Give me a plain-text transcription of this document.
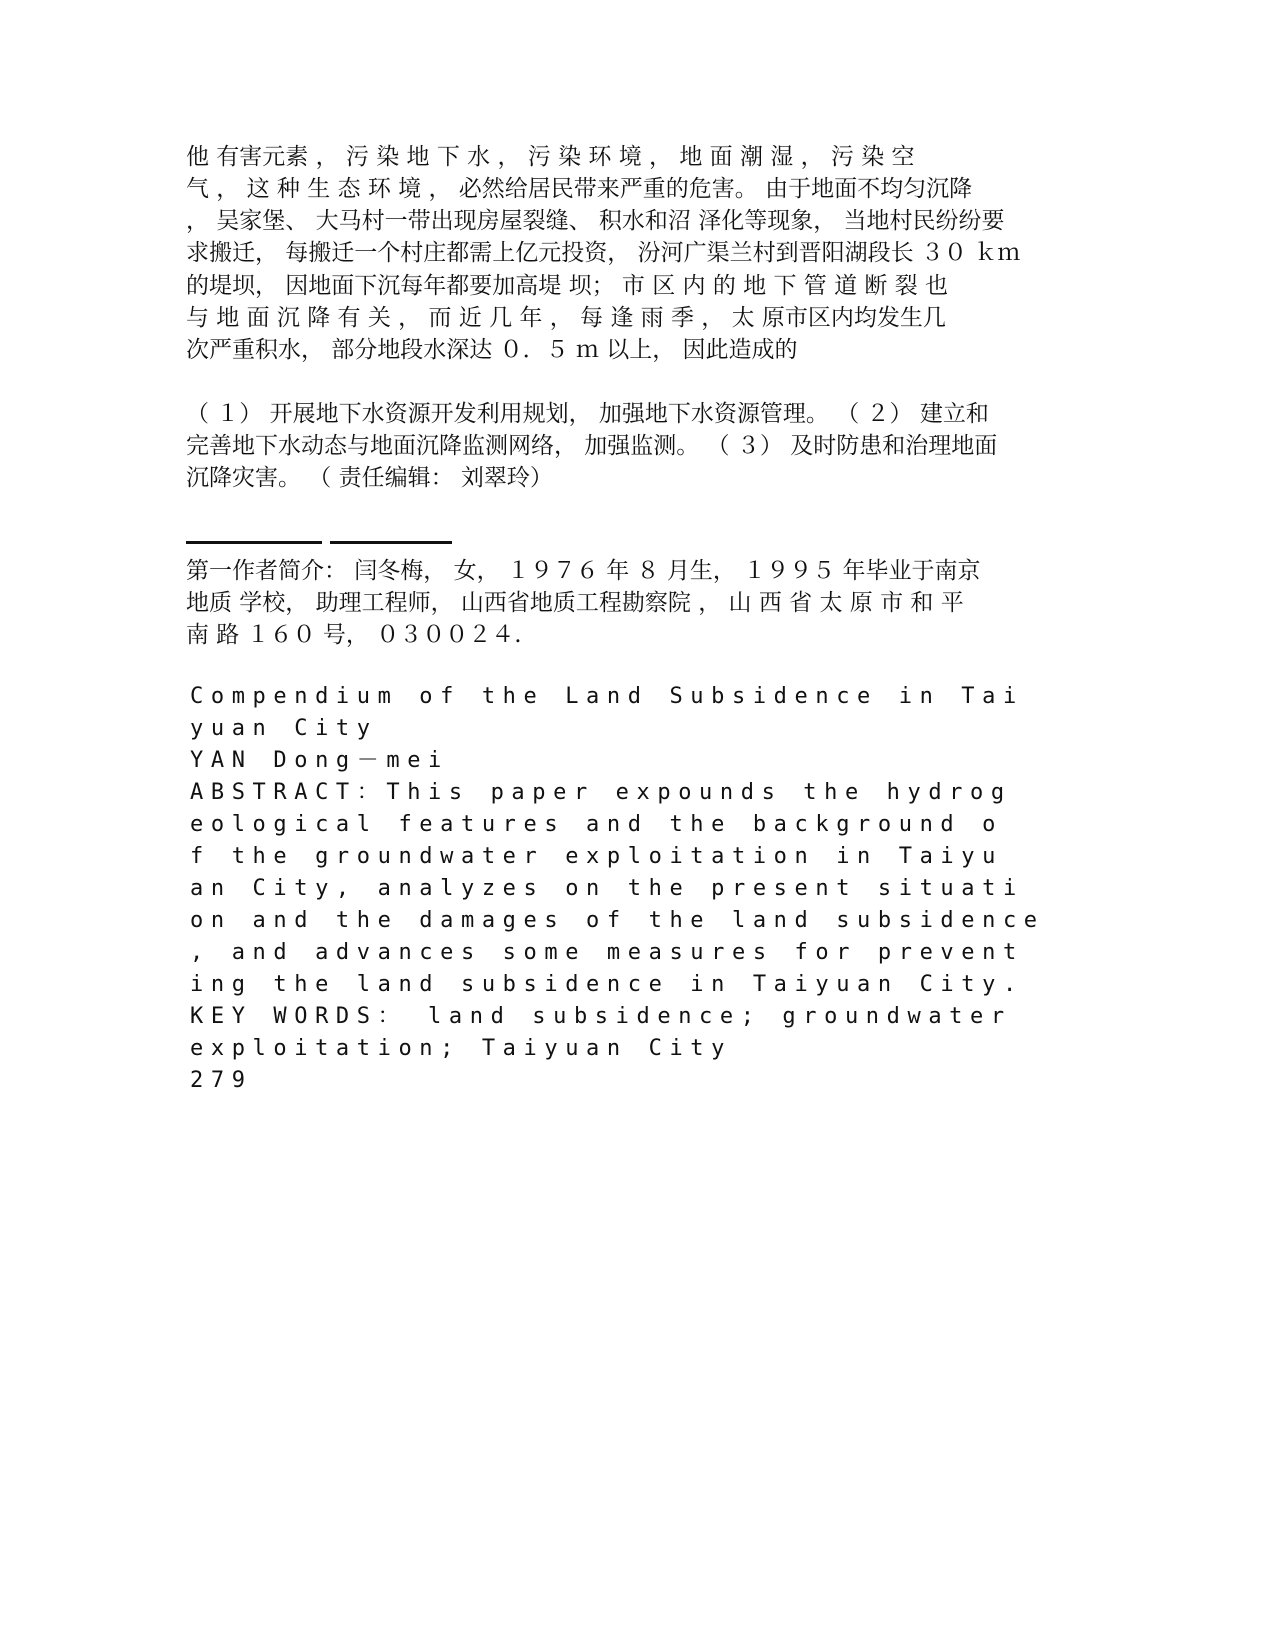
他 有害元素 ， 污 染 地 下 水 ， 污 染 环 境 ， 地 面 潮 湿 ， 污 染 空
气 ， 这 种 生 态 环 境 ， 必然给居民带来严重的危害。 由于地面不均匀沉降
， 吴家堡、 大马村一带出现房屋裂缝、 积水和沼 泽化等现象， 当地村民纷纷要
求搬迁， 每搬迁一个村庄都需上亿元投资， 汾河广渠兰村到晋阳湖段长 ３０ ｋｍ
的堤坝， 因地面下沉每年都要加高堤 坝； 市 区 内 的 地 下 管 道 断 裂 也
与 地 面 沉 降 有 关 ， 而 近 几 年 ， 每 逢 雨 季 ， 太 原市区内均发生几
次严重积水， 部分地段水深达 ０．５ ｍ 以上， 因此造成的
（ １） 开展地下水资源开发利用规划， 加强地下水资源管理。 （ ２） 建立和
完善地下水动态与地面沉降监测网络， 加强监测。 （ ３） 及时防患和治理地面
沉降灾害。 （ 责任编辑： 刘翠玲）
第一作者简介： 闫冬梅， 女， １９７６ 年 ８ 月生， １９９５ 年毕业于南京
地质 学校， 助理工程师， 山西省地质工程勘察院 ， 山 西 省 太 原 市 和 平
南 路 １６０ 号， ０３００２４.
Compendium of the Land Subsidence in Tai
yuan City
YAN Dong－mei
ABSTRACT：This paper expounds the hydrog
eological features and the background o
f the groundwater exploitation in Taiyu
an City, analyzes on the present situati
on and the damages of the land subsidence
, and advances some measures for prevent
ing the land subsidence in Taiyuan City.
KEY WORDS： land subsidence; groundwater
exploitation; Taiyuan City
279
